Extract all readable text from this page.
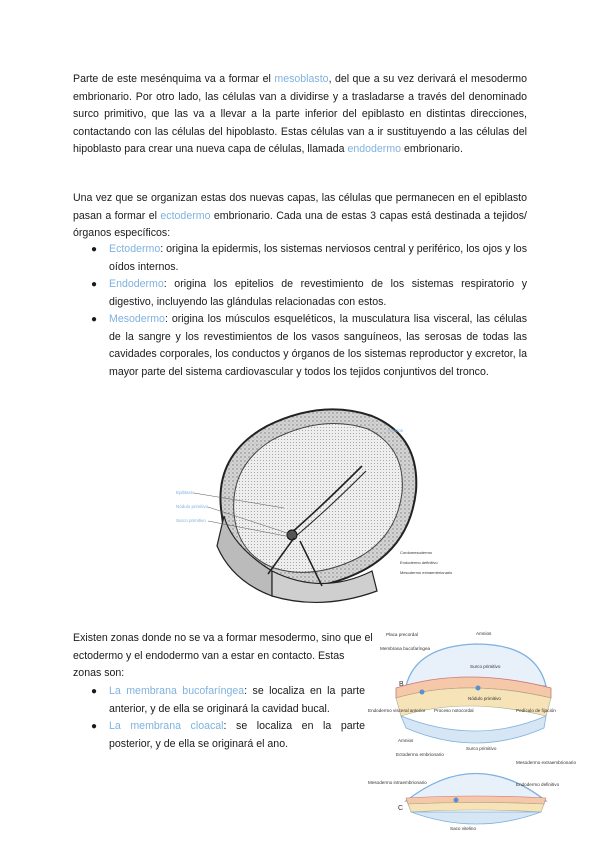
Parte de este mesénquima va a formar el mesoblasto, del que a su vez derivará el mesodermo embrionario. Por otro lado, las células van a dividirse y a trasladarse a través del denominado surco primitivo, que las va a llevar a la parte inferior del epiblasto en distintas direcciones, contactando con las células del hipoblasto. Estas células van a ir sustituyendo a las células del hipoblasto para crear una nueva capa de células, llamada endodermo embrionario.

Una vez que se organizan estas dos nuevas capas, las células que permanecen en el epiblasto pasan a formar el ectodermo embrionario. Cada una de estas 3 capas está destinada a tejidos/órganos específicos:

● Ectodermo: origina la epidermis, los sistemas nerviosos central y periférico, los ojos y los oídos internos.
● Endodermo: origina los epitelios de revestimiento de los sistemas respiratorio y digestivo, incluyendo las glándulas relacionadas con estos.
● Mesodermo: origina los músculos esqueléticos, la musculatura lisa visceral, las células de la sangre y los revestimientos de los vasos sanguíneos, las serosas de todas las cavidades corporales, los conductos y órganos de los sistemas reproductor y excretor, la mayor parte del sistema cardiovascular y todos los tejidos conjuntivos del tronco.
Amnios
Cordomesodermo
Endodermo definitivo
Mesodermo extraembrionario
Epiblasto
Nódulo primitivo
Surco primitivo

Existen zonas donde no se va a formar mesodermo, sino que el ectodermo y el endodermo van a estar en contacto. Estas zonas son:

● La membrana bucofaríngea: se localiza en la parte anterior, y de ella se originará la cavidad bucal.
● La membrana cloacal: se localiza en la parte posterior, y de ella se originará el ano.
Placa precordal	Amnios
Membrana bucofaríngea
Surco primitivo
B
Nódulo primitivo
Endodermo visceral anterior Proceso notocordal	Pedículo de fijación
Amnios
Surco primitivo
Ectodermo embrionario
Mesodermo extraembrionario
Mesodermo intraembrionario	Endodermo definitivo
C
Saco vitelino
